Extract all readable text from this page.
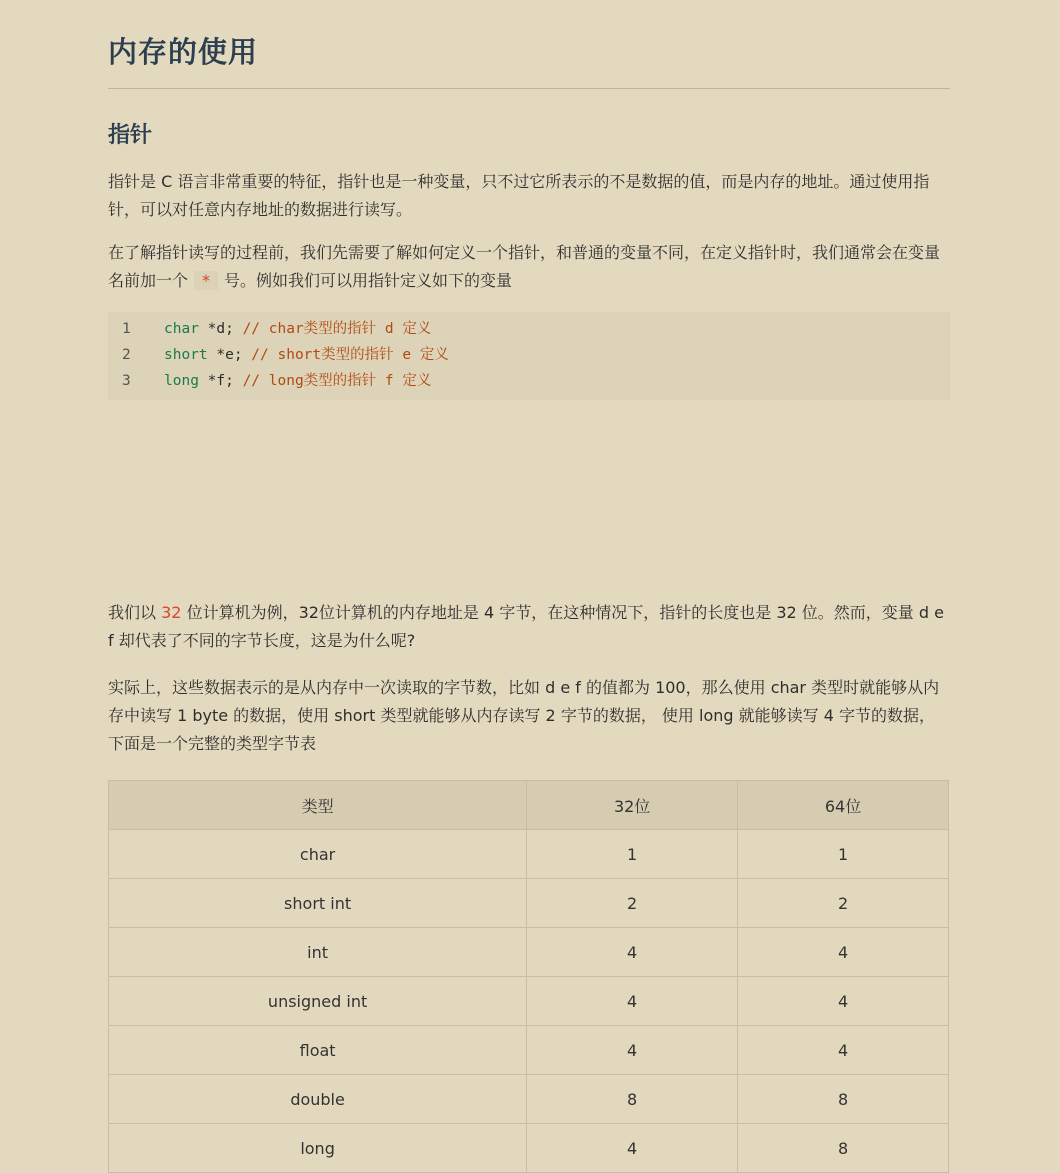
内存的使用
指针

指针是 C 语言非常重要的特征，指针也是一种变量，只不过它所表示的不是数据的值，而是内存的地址。通过使用指针，可以对任意内存地址的数据进行读写。

在了解指针读写的过程前，我们先需要了解如何定义一个指针，和普通的变量不同，在定义指针时，我们通常会在变量名前加一个 * 号。例如我们可以用指针定义如下的变量

1 char *d; // char类型的指针 d 定义
2 short *e; // short类型的指针 e 定义
3 long *f; // long类型的指针 f 定义

我们以 32 位计算机为例，32位计算机的内存地址是 4 字节，在这种情况下，指针的长度也是 32 位。然而，变量 d e f 却代表了不同的字节长度，这是为什么呢?

实际上，这些数据表示的是从内存中一次读取的字节数，比如 d e f 的值都为 100，那么使用 char 类型时就能够从内存中读写 1 byte 的数据，使用 short 类型就能够从内存读写 2 字节的数据， 使用 long 就能够读写 4 字节的数据，下面是一个完整的类型字节表

类型	32位	64位
char	1	1
short int	2	2
int	4	4
unsigned int	4	4
float	4	4
double	8	8
long	4	8
